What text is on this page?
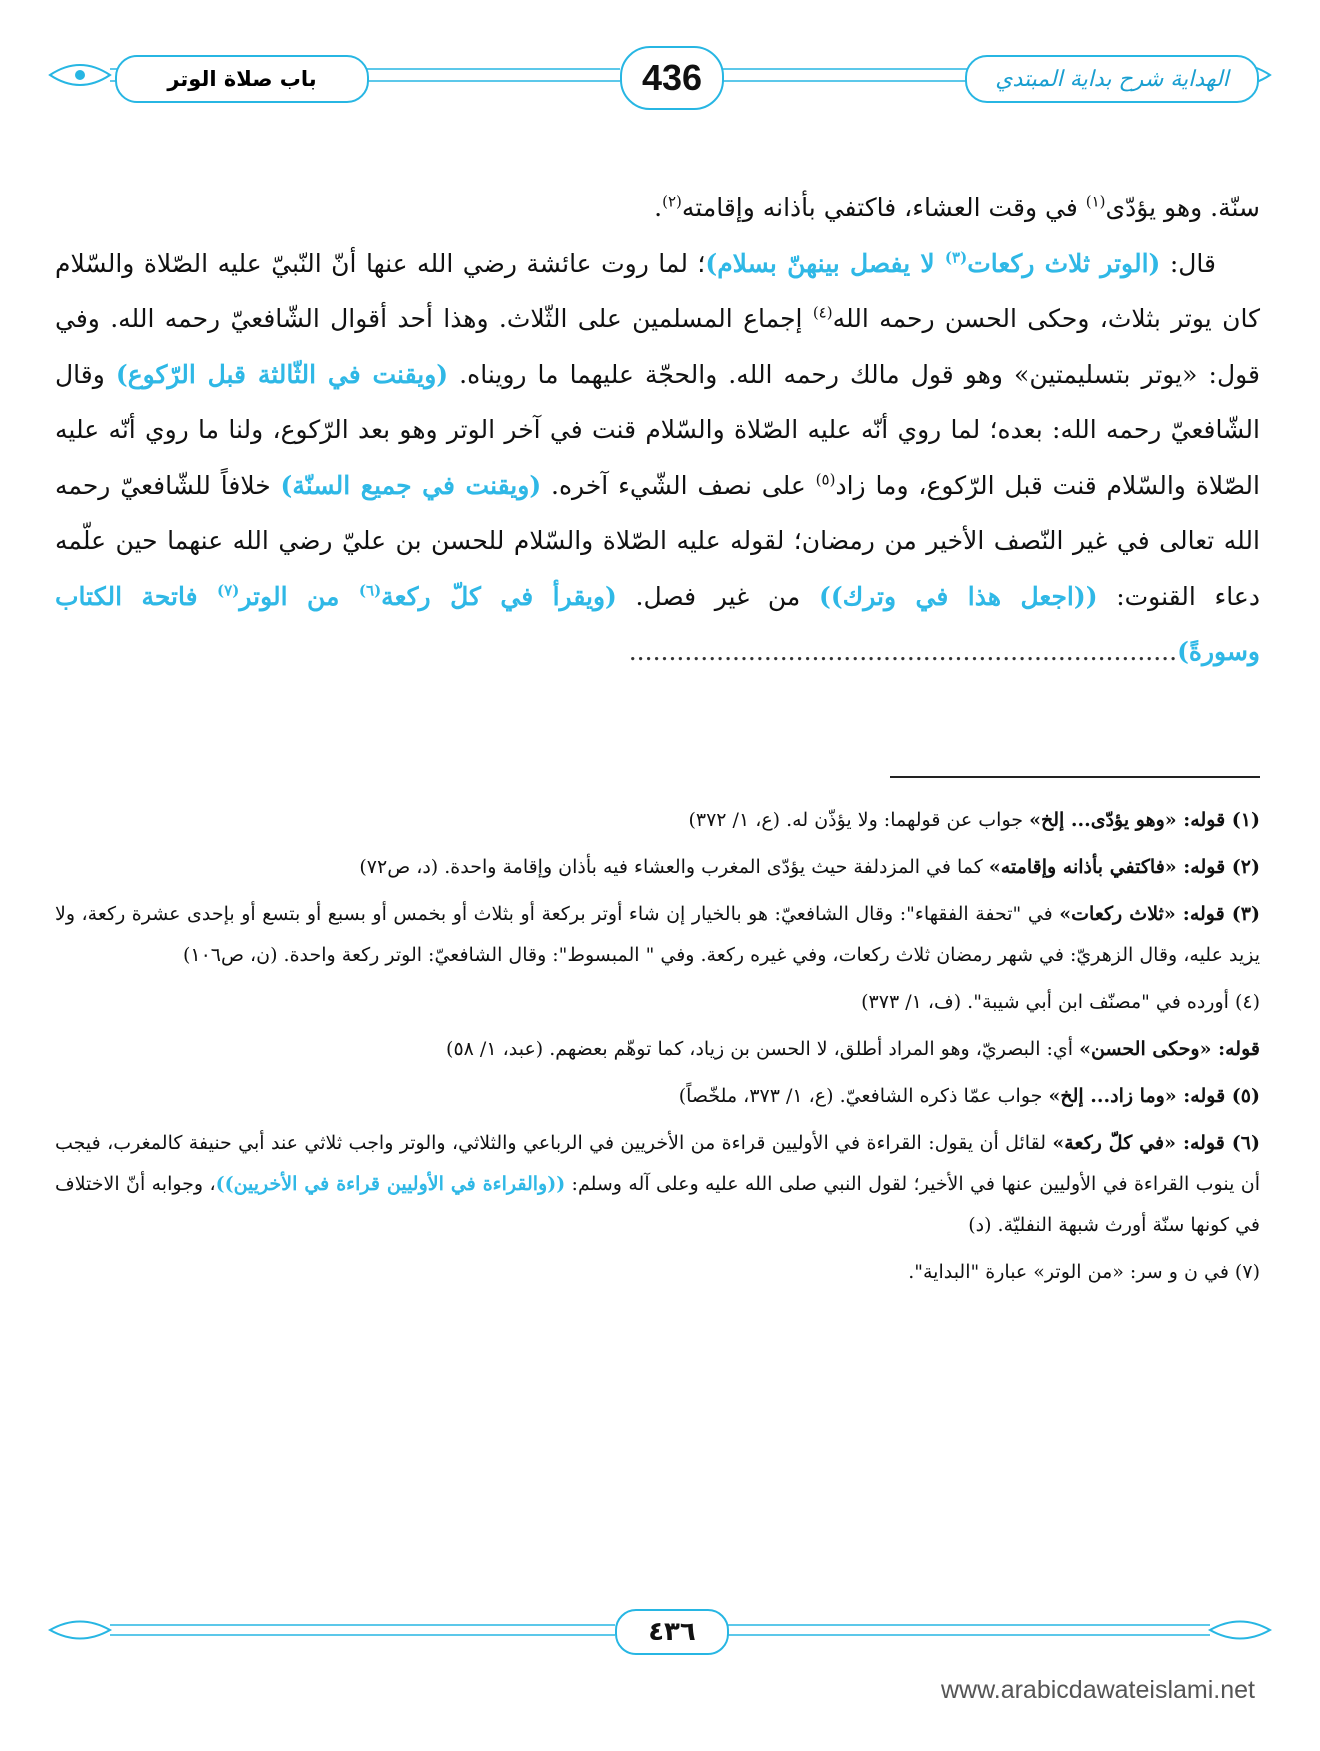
باب صلاة الوتر	436	الهداية شرح بداية المبتدي

سنّة. وهو يؤدّى$^{(١)}$ في وقت العشاء، فاكتفي بأذانه وإقامته$^{(٢)}$.

قال: (الوتر ثلاث ركعات$^{(٣)}$ لا يفصل بينهنّ بسلام)؛ لما روت عائشة رضي الله عنها أنّ النّبيّ عليه الصّلاة والسّلام كان يوتر بثلاث، وحكى الحسن رحمه الله$^{(٤)}$ إجماع المسلمين على الثّلاث. وهذا أحد أقوال الشّافعيّ رحمه الله. وفي قول: «يوتر بتسليمتين» وهو قول مالك رحمه الله. والحجّة عليهما ما رويناه. (ويقنت في الثّالثة قبل الرّكوع) وقال الشّافعيّ رحمه الله: بعده؛ لما روي أنّه عليه الصّلاة والسّلام قنت في آخر الوتر وهو بعد الرّكوع، ولنا ما روي أنّه عليه الصّلاة والسّلام قنت قبل الرّكوع، وما زاد$^{(٥)}$ على نصف الشّيء آخره. (ويقنت في جميع السنّة) خلافاً للشّافعيّ رحمه الله تعالى في غير النّصف الأخير من رمضان؛ لقوله عليه الصّلاة والسّلام للحسن بن عليّ رضي الله عنهما حين علّمه دعاء القنوت: ((اجعل هذا في وترك)) من غير فصل. (ويقرأ في كلّ ركعة$^{(٦)}$ من الوتر$^{(٧)}$ فاتحة الكتاب وسورةً).....................................................................

(١) قوله: «وهو يؤدّى... إلخ» جواب عن قولهما: ولا يؤذّن له. (ع، ١/ ٣٧٢)

(٢) قوله: «فاكتفي بأذانه وإقامته» كما في المزدلفة حيث يؤدّى المغرب والعشاء فيه بأذان وإقامة واحدة. (د، ص٧٢)

(٣) قوله: «ثلاث ركعات» في "تحفة الفقهاء": وقال الشافعيّ: هو بالخيار إن شاء أوتر بركعة أو بثلاث أو بخمس أو بسبع أو بتسع أو بإحدى عشرة ركعة، ولا يزيد عليه، وقال الزهريّ: في شهر رمضان ثلاث ركعات، وفي غيره ركعة. وفي " المبسوط": وقال الشافعيّ: الوتر ركعة واحدة. (ن، ص١٠٦)

(٤) أورده في "مصنّف ابن أبي شيبة". (ف، ١/ ٣٧٣)

قوله: «وحكى الحسن» أي: البصريّ، وهو المراد أطلق، لا الحسن بن زياد، كما توهّم بعضهم. (عبد، ١/ ٥٨)

(٥) قوله: «وما زاد... إلخ» جواب عمّا ذكره الشافعيّ. (ع، ١/ ٣٧٣، ملخّصاً)

(٦) قوله: «في كلّ ركعة» لقائل أن يقول: القراءة في الأوليين قراءة من الأخريين في الرباعي والثلاثي، والوتر واجب ثلاثي عند أبي حنيفة كالمغرب، فيجب أن ينوب القراءة في الأوليين عنها في الأخير؛ لقول النبي صلى الله عليه وعلى آله وسلم: ((والقراءة في الأوليين قراءة في الأخريين))، وجوابه أنّ الاختلاف في كونها سنّة أورث شبهة النفليّة. (د)

(٧) في ن و سر: «من الوتر» عبارة "البداية".

٤٣٦
www.arabicdawateislami.net
